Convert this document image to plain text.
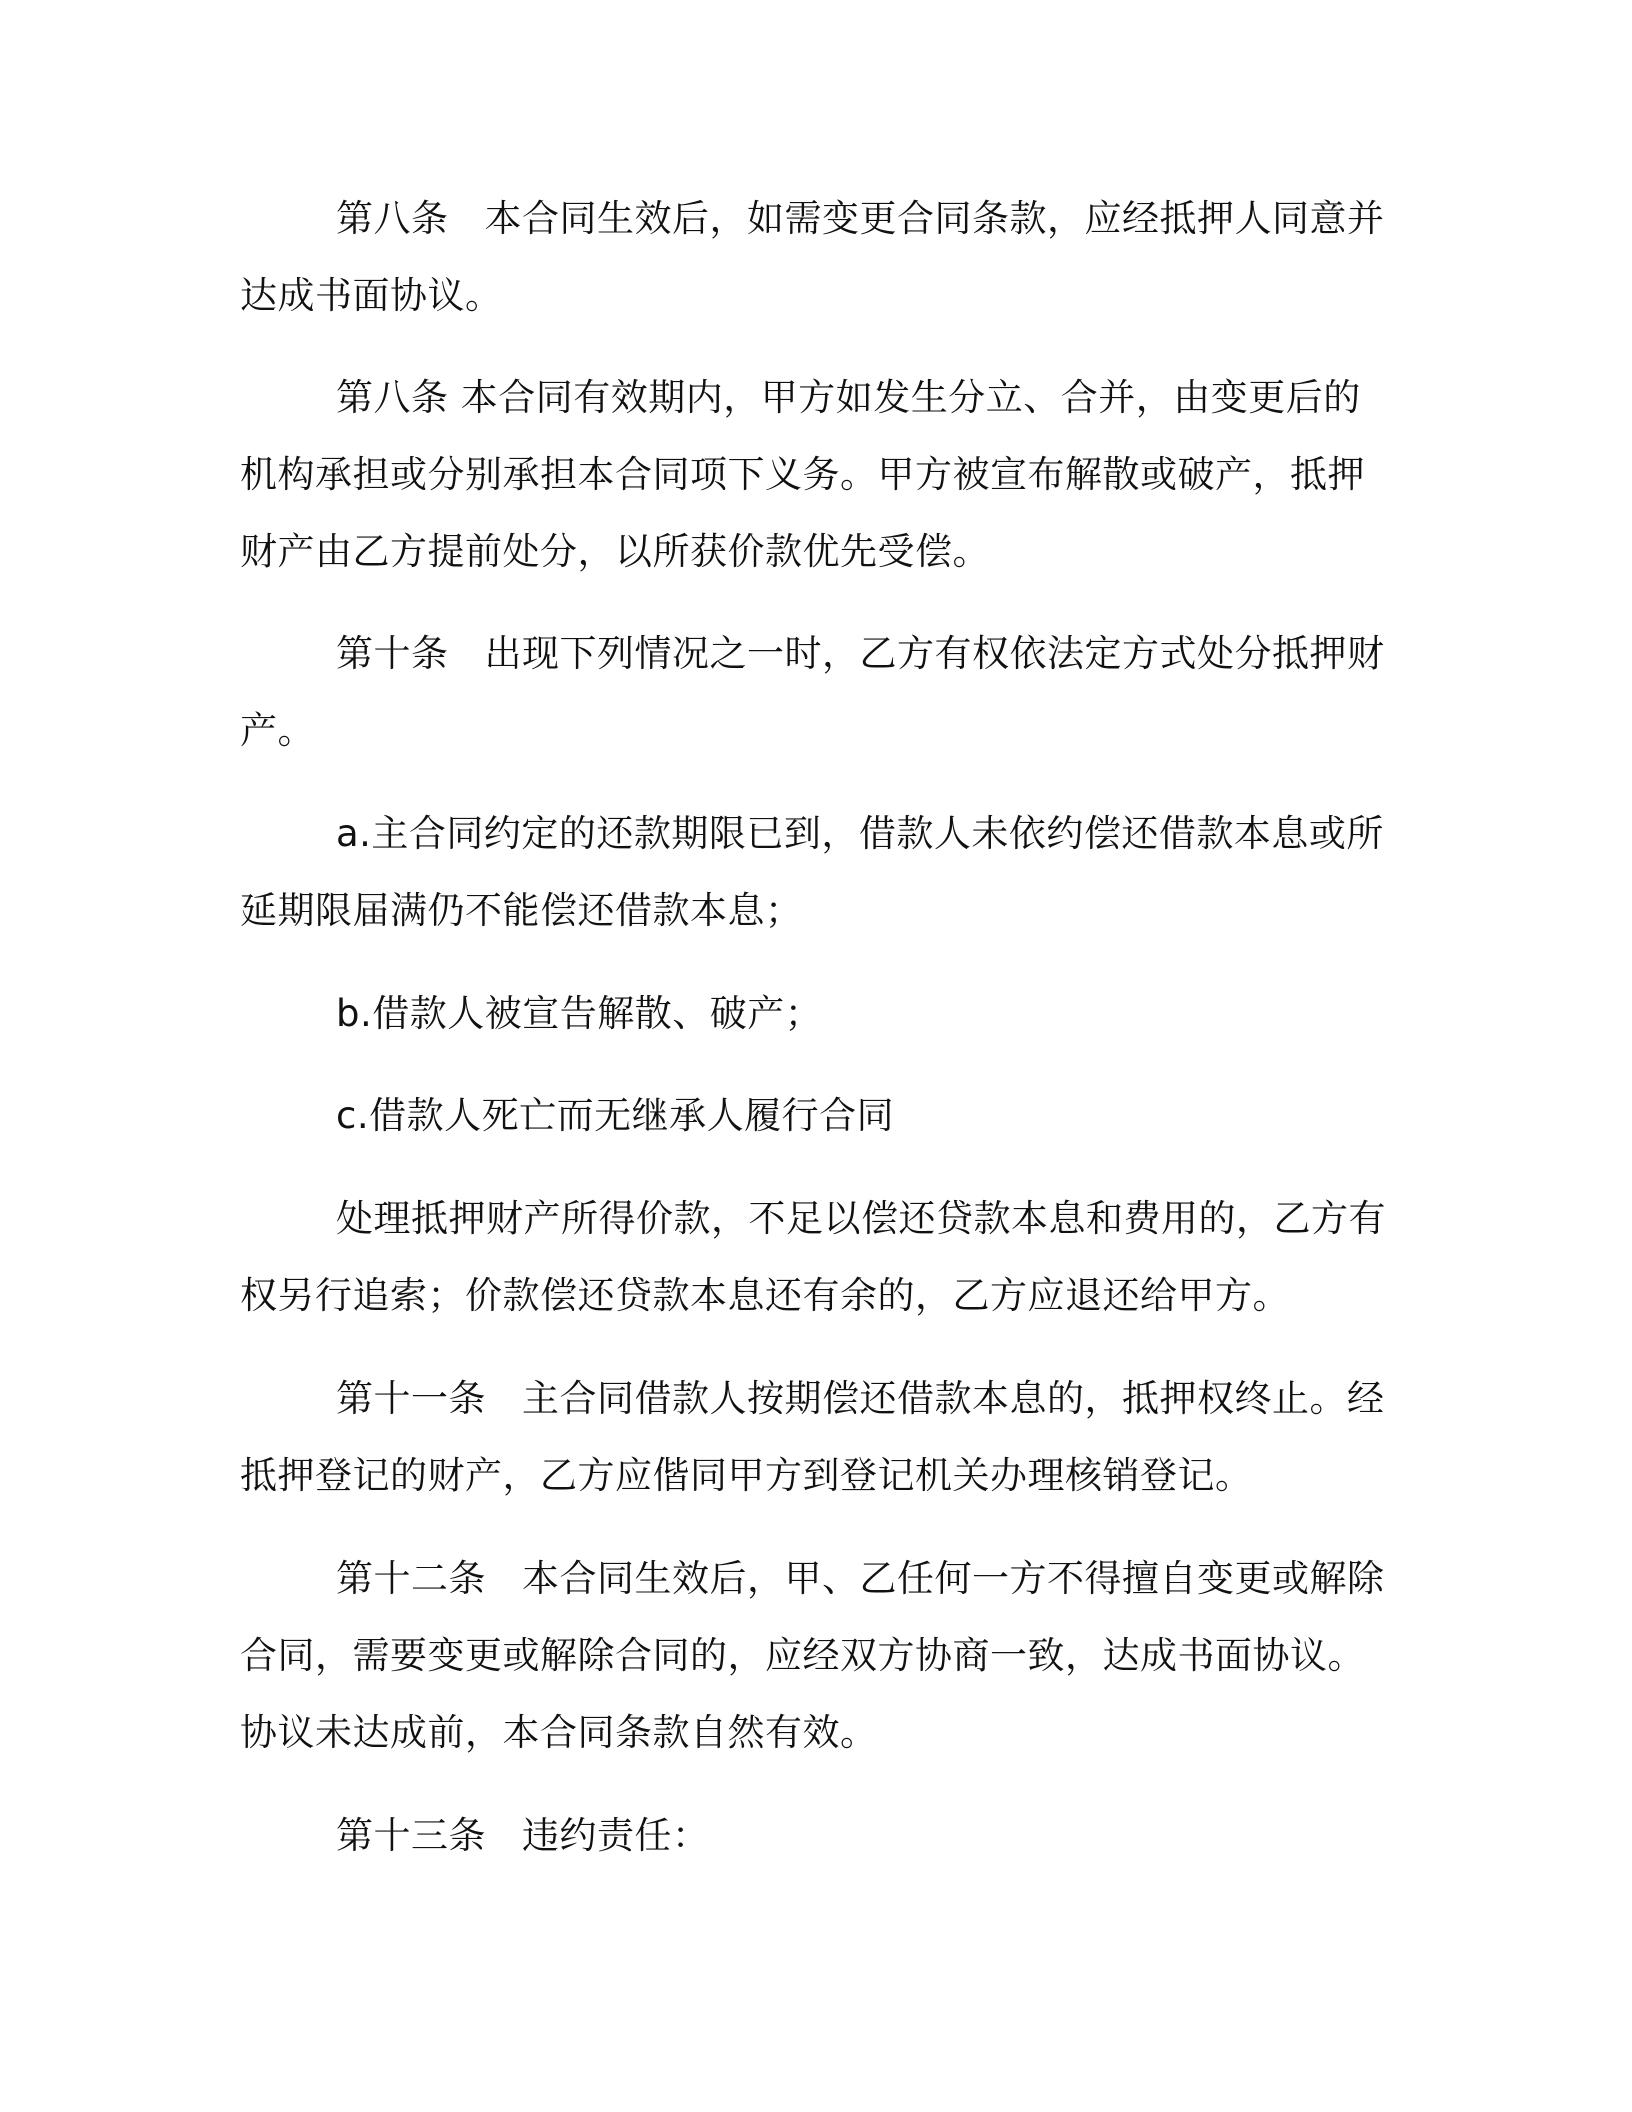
第八条 本合同生效后，如需变更合同条款，应经抵押人同意并达成书面协议。

第八条 本合同有效期内，甲方如发生分立、合并，由变更后的机构承担或分别承担本合同项下义务。甲方被宣布解散或破产，抵押财产由乙方提前处分，以所获价款优先受偿。

第十条 出现下列情况之一时，乙方有权依法定方式处分抵押财产。

a.主合同约定的还款期限已到，借款人未依约偿还借款本息或所延期限届满仍不能偿还借款本息；

b.借款人被宣告解散、破产；

c.借款人死亡而无继承人履行合同

处理抵押财产所得价款，不足以偿还贷款本息和费用的，乙方有权另行追索；价款偿还贷款本息还有余的，乙方应退还给甲方。

第十一条 主合同借款人按期偿还借款本息的，抵押权终止。经抵押登记的财产，乙方应偕同甲方到登记机关办理核销登记。

第十二条 本合同生效后，甲、乙任何一方不得擅自变更或解除合同，需要变更或解除合同的，应经双方协商一致，达成书面协议。协议未达成前，本合同条款自然有效。

第十三条 违约责任：
